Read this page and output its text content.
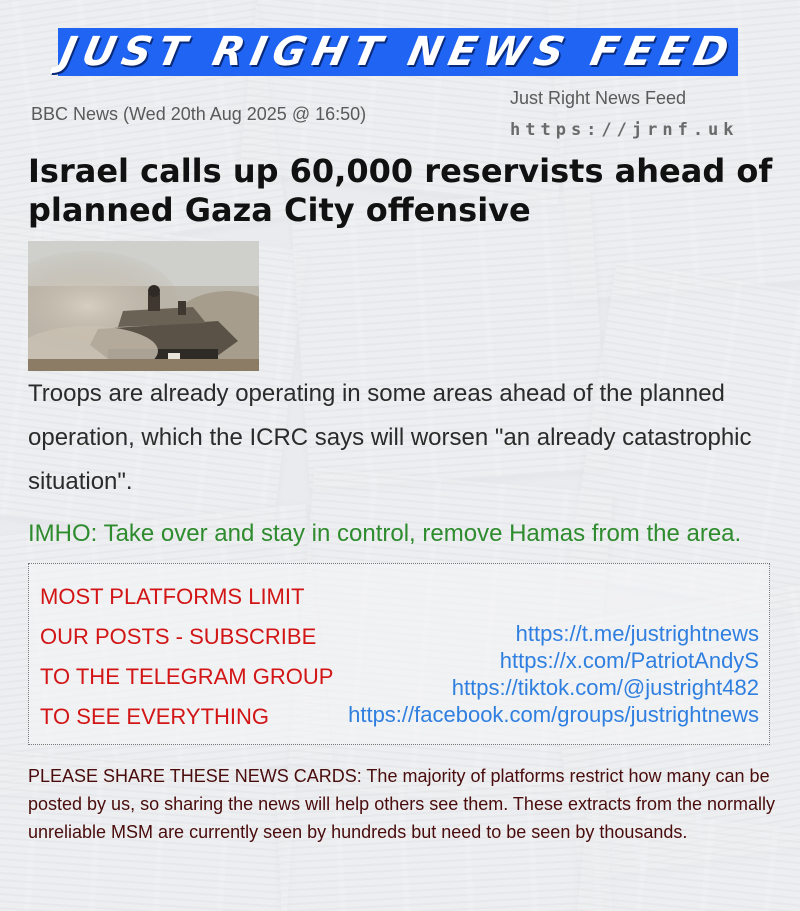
JUST RIGHT NEWS FEED
BBC News (Wed 20th Aug 2025 @ 16:50)
Just Right News Feed
https://jrnf.uk
Israel calls up 60,000 reservists ahead of planned Gaza City offensive
Troops are already operating in some areas ahead of the planned operation, which the ICRC says will worsen "an already catastrophic situation".
IMHO: Take over and stay in control, remove Hamas from the area.
MOST PLATFORMS LIMIT
OUR POSTS - SUBSCRIBE
TO THE TELEGRAM GROUP
TO SEE EVERYTHING
https://t.me/justrightnews
https://x.com/PatriotAndyS
https://tiktok.com/@justright482
https://facebook.com/groups/justrightnews
PLEASE SHARE THESE NEWS CARDS: The majority of platforms restrict how many can be posted by us, so sharing the news will help others see them. These extracts from the normally unreliable MSM are currently seen by hundreds but need to be seen by thousands.
